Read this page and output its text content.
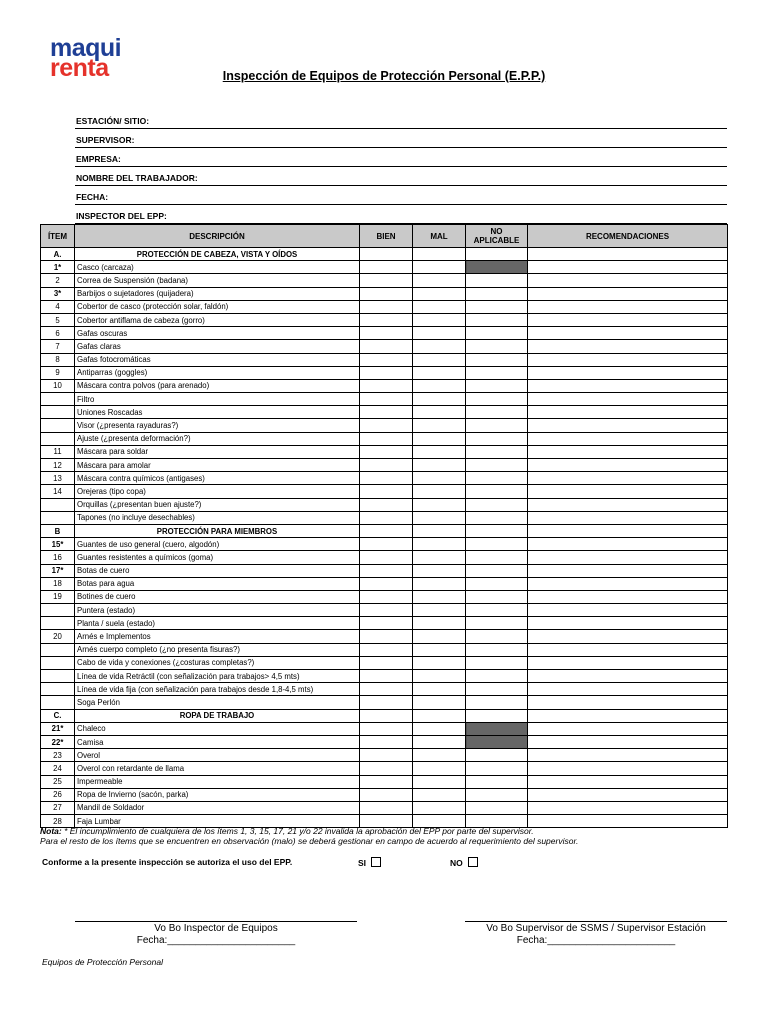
maqui
renta	Inspección de Equipos de Protección Personal (E.P.P.)
ESTACIÓN/ SITIO:
SUPERVISOR:
EMPRESA:
NOMBRE DEL TRABAJADOR:
FECHA:
INSPECTOR DEL EPP:
ÍTEM	DESCRIPCIÓN	BIEN	MAL	NO
APLICABLE	RECOMENDACIONES
A.	PROTECCIÓN DE CABEZA, VISTA Y OÍDOS				
1*	Casco (carcaza)				
2	Correa de Suspensión (badana)				
3*	Barbijos o sujetadores (quijadera)				
4	Cobertor de casco (protección solar, faldón)				
5	Cobertor antiflama de cabeza (gorro)				
6	Gafas oscuras				
7	Gafas claras				
8	Gafas fotocromáticas				
9	Antiparras (goggles)				
10	Máscara contra polvos (para arenado)				
	Filtro				
	Uniones Roscadas				
	Visor (¿presenta rayaduras?)				
	Ajuste (¿presenta deformación?)				
11	Máscara para soldar				
12	Máscara para amolar				
13	Máscara contra químicos (antigases)				
14	Orejeras (tipo copa)				
	Orquillas (¿presentan buen ajuste?)				
	Tapones (no incluye desechables)				
B	PROTECCIÓN PARA MIEMBROS				
15*	Guantes de uso general (cuero, algodón)				
16	Guantes resistentes a químicos (goma)				
17*	Botas de cuero				
18	Botas para agua				
19	Botines de cuero				
	Puntera (estado)				
	Planta / suela (estado)				
20	Arnés e Implementos				
	Arnés cuerpo completo (¿no presenta fisuras?)				
	Cabo de vida y conexiones (¿costuras completas?)				
	Línea de vida Retráctil (con señalización para trabajos> 4,5 mts)				
	Línea de vida fija (con señalización para trabajos desde 1,8-4,5 mts)				
	Soga Perlón				
C.	ROPA DE TRABAJO				
21*	Chaleco				
22*	Camisa				
23	Overol				
24	Overol con retardante de llama				
25	Impermeable				
26	Ropa de Invierno (sacón, parka)				
27	Mandil de Soldador				
28	Faja Lumbar				
Nota: * El incumplimiento de cualquiera de los ítems 1, 3, 15, 17, 21 y/o 22 invalida la aprobación del EPP por parte del supervisor.
Para el resto de los ítems que se encuentren en observación (malo) se deberá gestionar en campo de acuerdo al requerimiento del supervisor.
Conforme a la presente inspección se autoriza el uso del EPP.	SI	NO
Vo Bo Inspector de Equipos
Fecha:_______________________
Vo Bo Supervisor de SSMS / Supervisor Estación
Fecha:_______________________
Equipos de Protección Personal
